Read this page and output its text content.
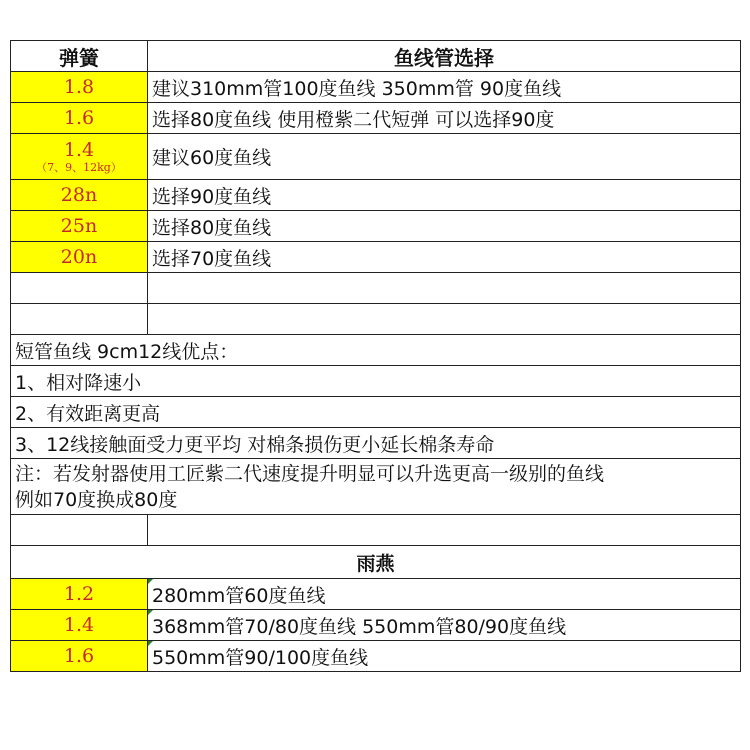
弹簧	鱼线管选择
1.8	建议310mm管100度鱼线 350mm管 90度鱼线
1.6	选择80度鱼线 使用橙紫二代短弹 可以选择90度

1.4
（7、9、12kg）	建议60度鱼线
28n	选择90度鱼线
25n	选择80度鱼线
20n	选择70度鱼线

短管鱼线 9cm12线优点：	
1、相对降速小	
2、有效距离更高	
3、12线接触面受力更平均 对棉条损伤更小延长棉条寿命	

注：若发射器使用工匠紫二代速度提升明显可以升选更高一级别的鱼线
例如70度换成80度	

雨燕	
1.2	280mm管60度鱼线
1.4	368mm管70/80度鱼线 550mm管80/90度鱼线
1.6	550mm管90/100度鱼线
